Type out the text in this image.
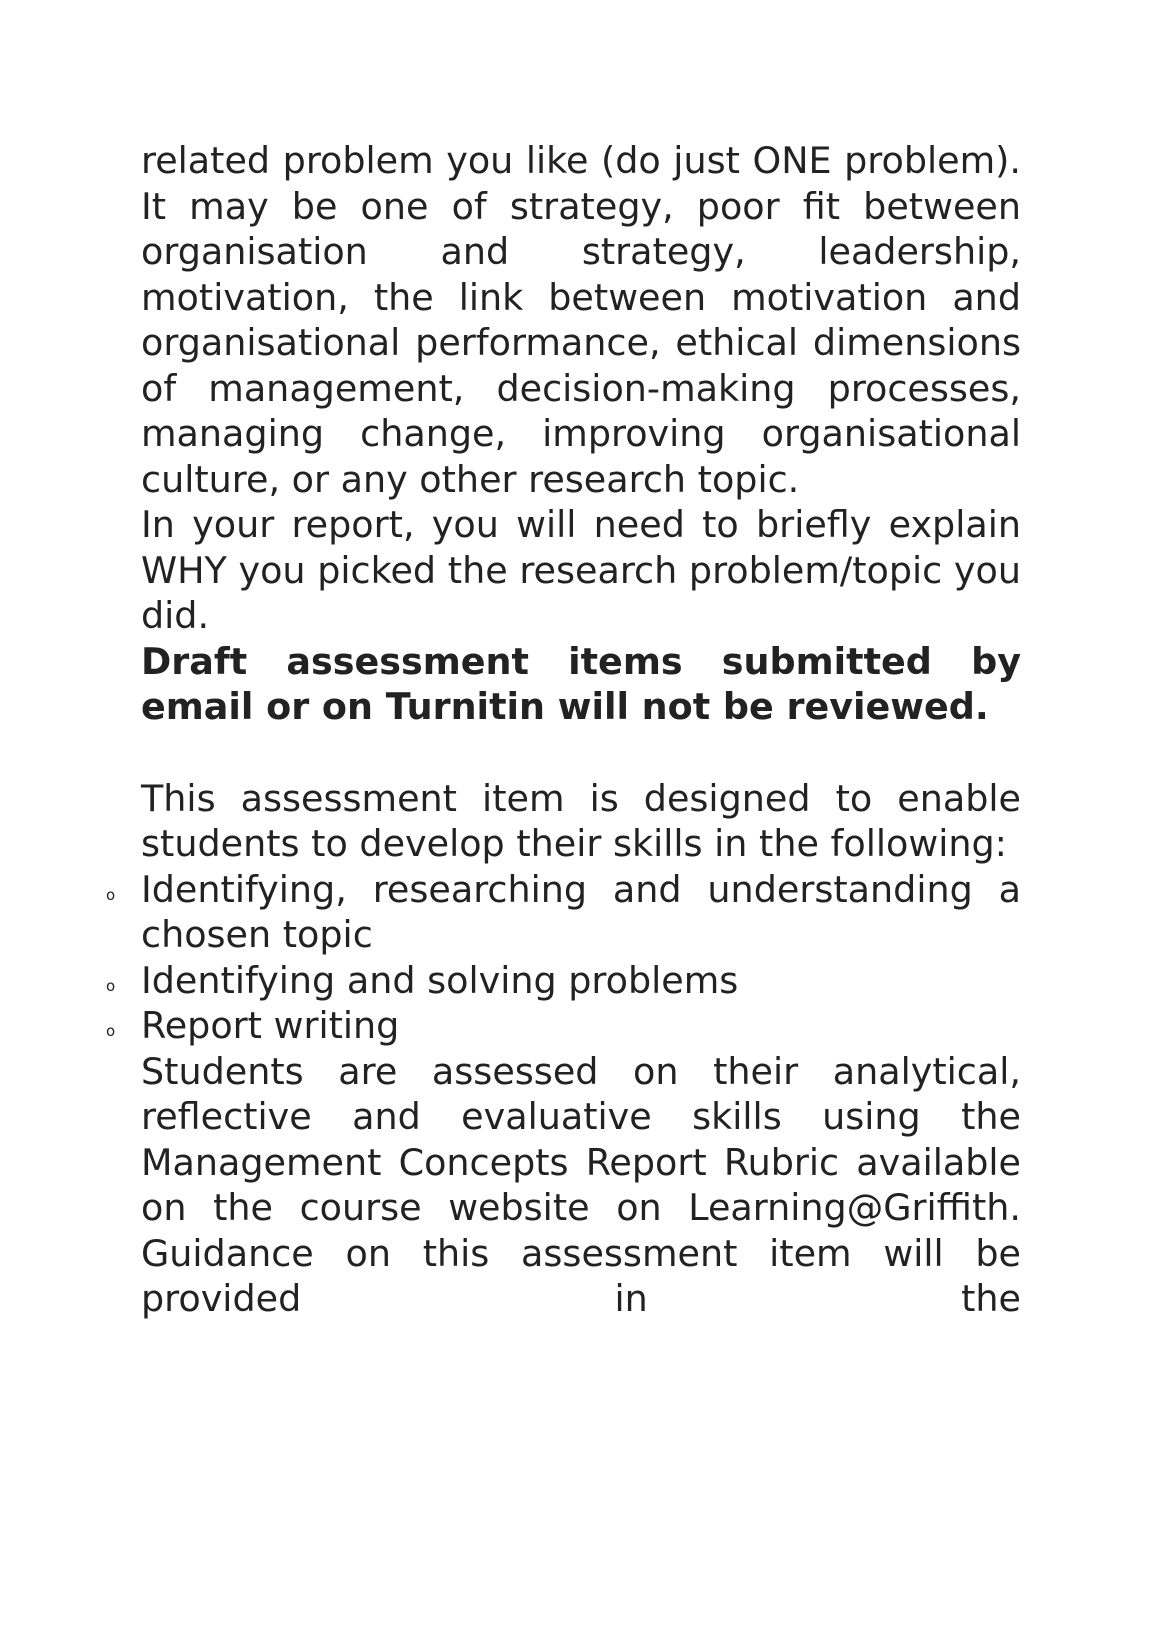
related problem you like (do just ONE problem). It may be one of strategy, poor fit between organisation and strategy, leadership, motivation, the link between motivation and organisational performance, ethical dimensions of management, decision-making processes, managing change, improving organisational culture, or any other research topic.

In your report, you will need to briefly explain WHY you picked the research problem/topic you did.

Draft assessment items submitted by email or on Turnitin will not be reviewed.

This assessment item is designed to enable students to develop their skills in the following:

o Identifying, researching and understanding a chosen topic
o Identifying and solving problems
o Report writing

Students are assessed on their analytical, reflective and evaluative skills using the Management Concepts Report Rubric available on the course website on Learning@Griffith. Guidance on this assessment item will be provided in the
